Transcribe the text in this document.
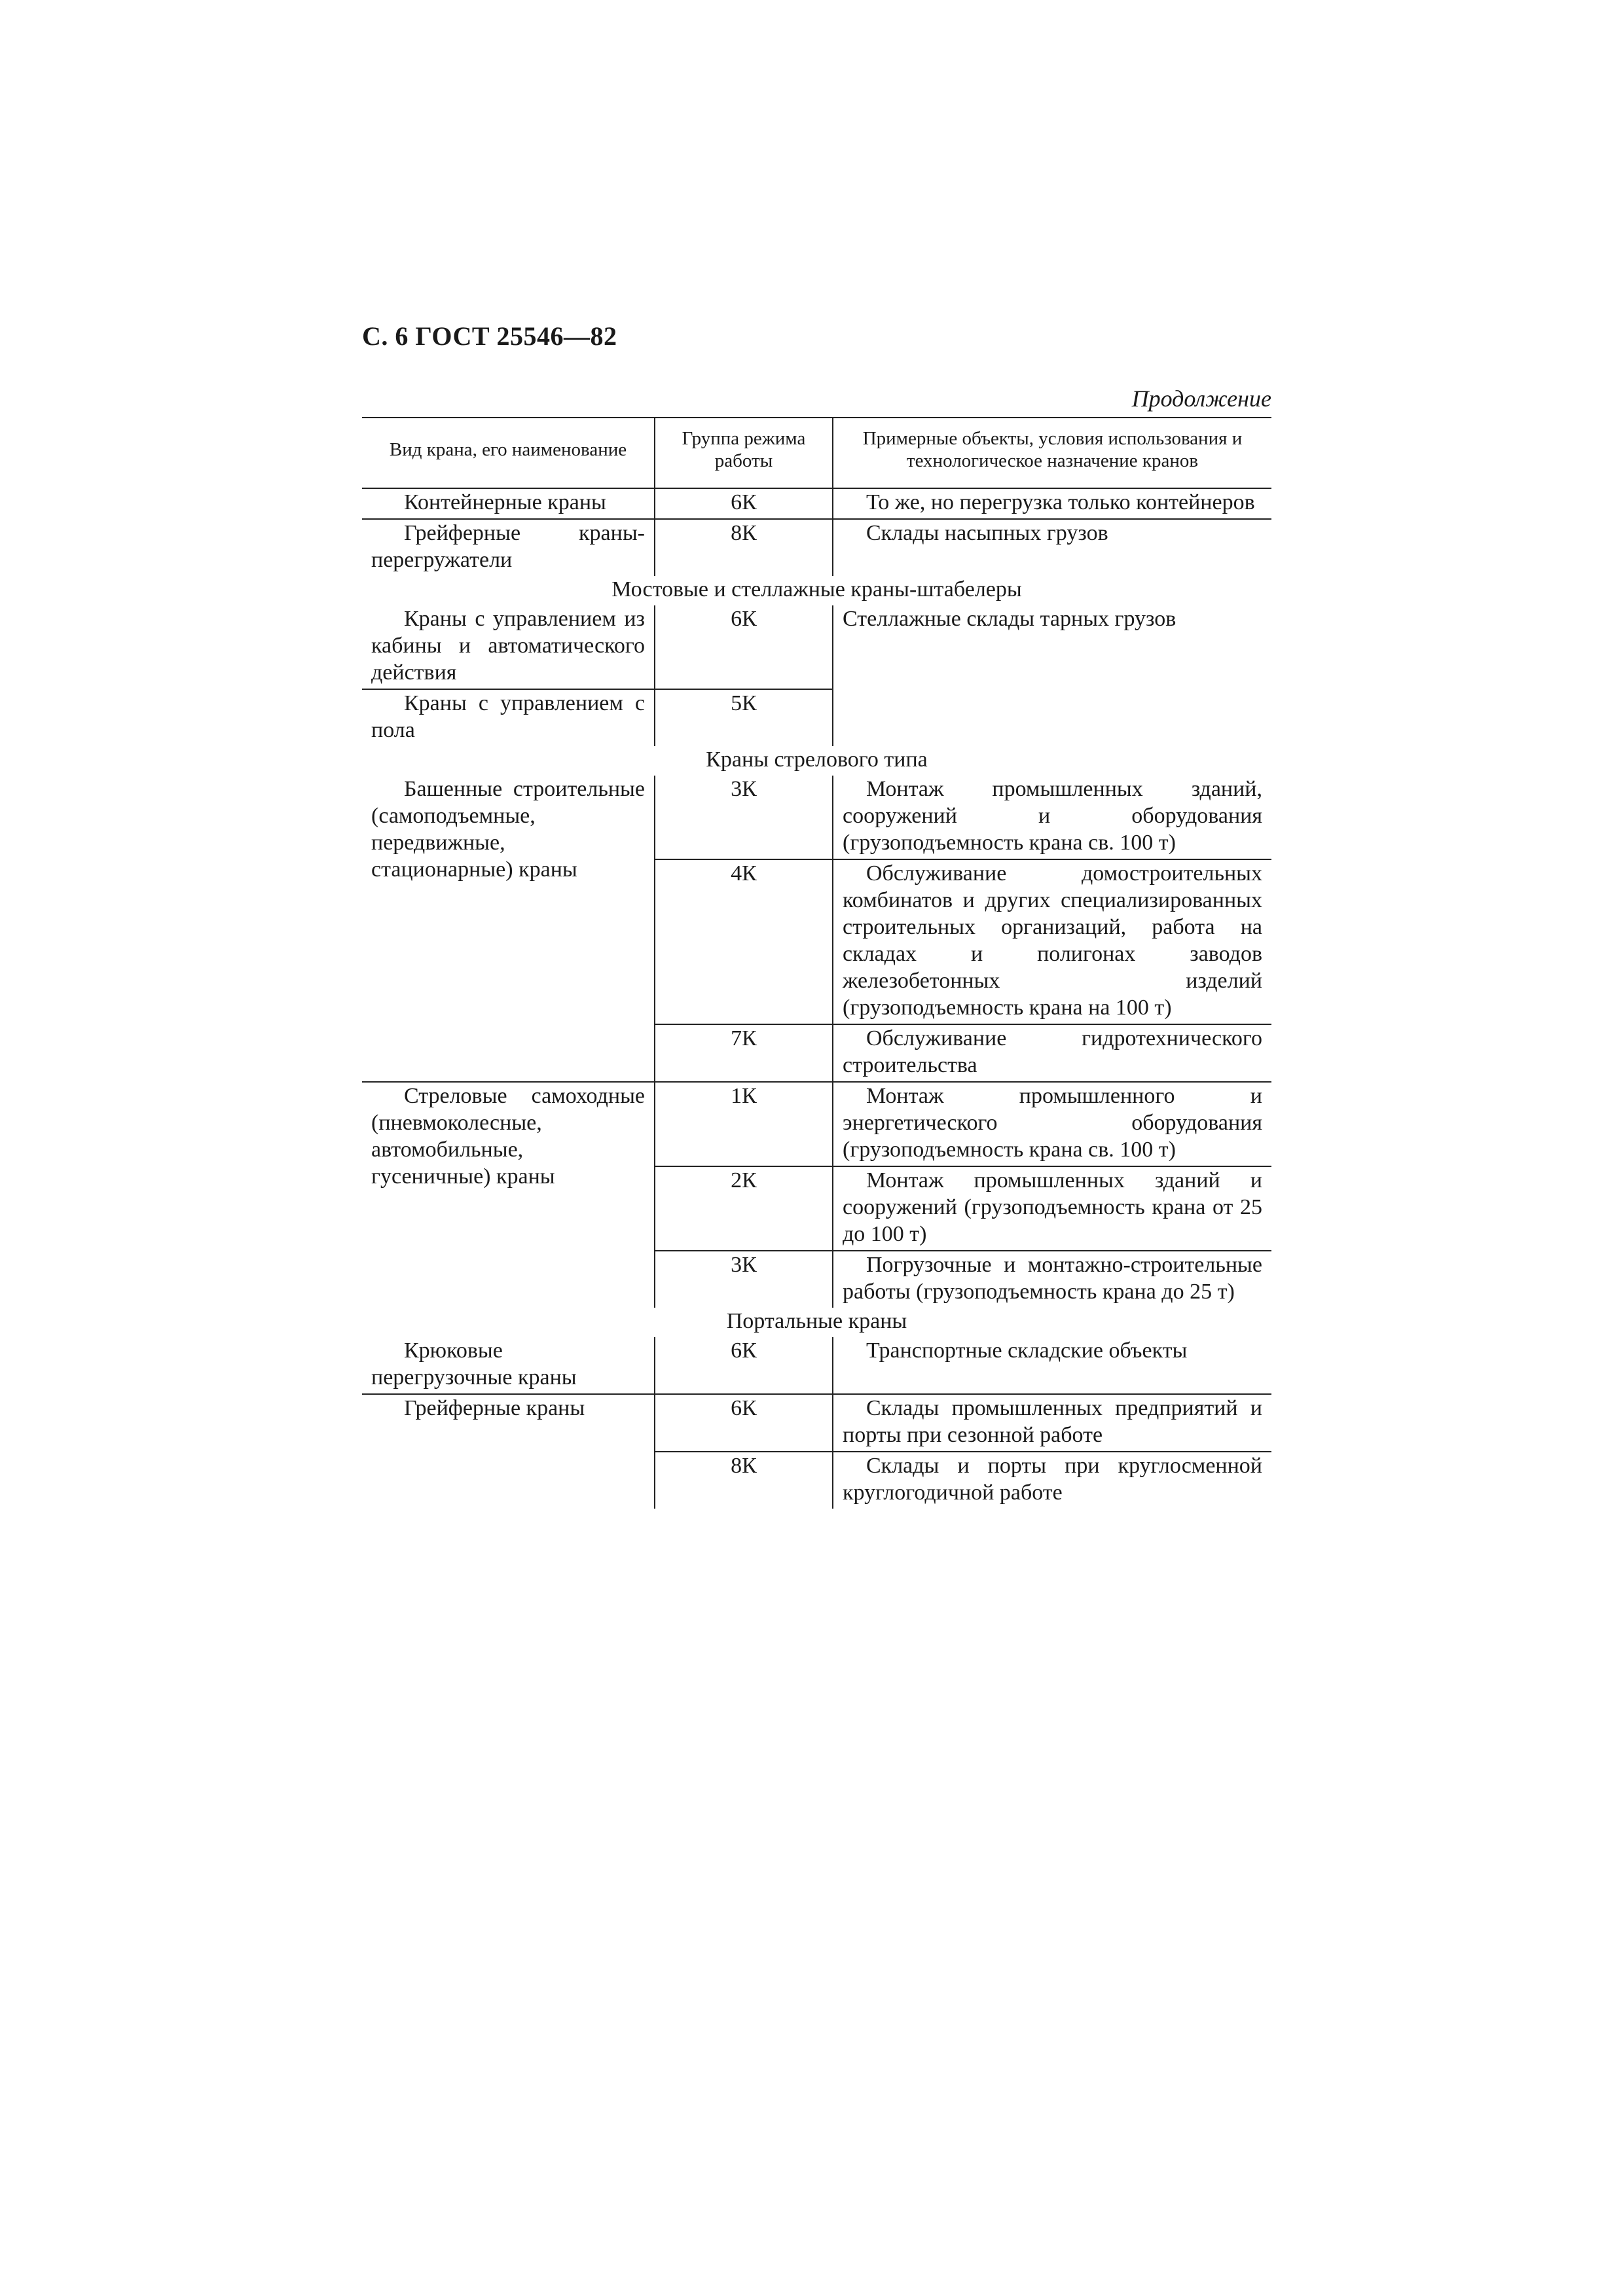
С. 6 ГОСТ 25546—82
Продолжение
Вид крана, его наименование	Группа режима работы	Примерные объекты, условия использования и технологическое назначение кранов
Контейнерные краны	6К	То же, но перегрузка только контейнеров
Грейферные краны-перегружатели	8К	Склады насыпных грузов
Мостовые и стеллажные краны-штабелеры		
Краны с управлением из кабины и автоматического действия	6К	Стеллажные склады тарных грузов
Краны с управлением с пола	5К	
Краны стрелового типа		
Башенные строительные (самоподъемные, передвижные, стационарные) краны	3К	Монтаж промышленных зданий, сооружений и оборудования (грузоподъемность крана св. 100 т)
	4К	Обслуживание домостроительных комбинатов и других специализированных строительных организаций, работа на складах и полигонах заводов железобетонных изделий (грузоподъемность крана на 100 т)
	7К	Обслуживание гидротехнического строительства
Стреловые самоходные (пневмоколесные, автомобильные, гусеничные) краны	1К	Монтаж промышленного и энергетического оборудования (грузоподъемность крана св. 100 т)
	2К	Монтаж промышленных зданий и сооружений (грузоподъемность крана от 25 до 100 т)
	3К	Погрузочные и монтажно-строительные работы (грузоподъемность крана до 25 т)
Портальные краны		
Крюковые перегрузочные краны	6К	Транспортные складские объекты
Грейферные краны	6К	Склады промышленных предприятий и порты при сезонной работе
	8К	Склады и порты при круглосменной круглогодичной работе
